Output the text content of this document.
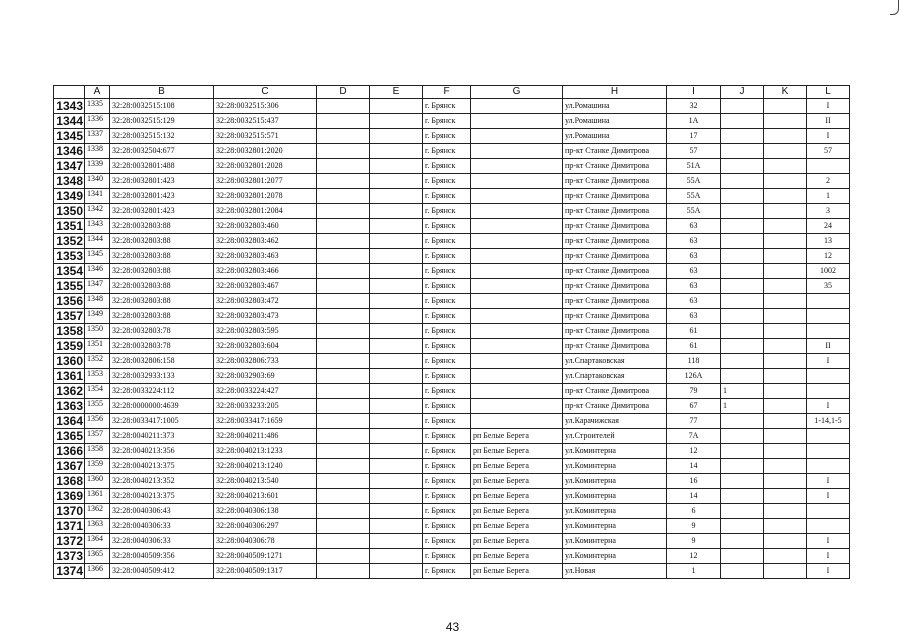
	A	B	C	D	E	F	G	H	I	J	K	L
1343	1335	32:28:0032515:108	32:28:0032515:306			г. Брянск		ул.Ромашина	32			I
1344	1336	32:28:0032515:129	32:28:0032515:437			г. Брянск		ул.Ромашина	1А			II
1345	1337	32:28:0032515:132	32:28:0032515:571			г. Брянск		ул.Ромашина	17			I
1346	1338	32:28:0032504:677	32:28:0032801:2020			г. Брянск		пр-кт Станке Димитрова	57			57
1347	1339	32:28:0032801:488	32:28:0032801:2028			г. Брянск		пр-кт Станке Димитрова	51А			
1348	1340	32:28:0032801:423	32:28:0032801:2077			г. Брянск		пр-кт Станке Димитрова	55А			2
1349	1341	32:28:0032801:423	32:28:0032801:2078			г. Брянск		пр-кт Станке Димитрова	55А			1
1350	1342	32:28:0032801:423	32:28:0032801:2084			г. Брянск		пр-кт Станке Димитрова	55А			3
1351	1343	32:28:0032803:88	32:28:0032803:460			г. Брянск		пр-кт Станке Димитрова	63			24
1352	1344	32:28:0032803:88	32:28:0032803:462			г. Брянск		пр-кт Станке Димитрова	63			13
1353	1345	32:28:0032803:88	32:28:0032803:463			г. Брянск		пр-кт Станке Димитрова	63			12
1354	1346	32:28:0032803:88	32:28:0032803:466			г. Брянск		пр-кт Станке Димитрова	63			1002
1355	1347	32:28:0032803:88	32:28:0032803:467			г. Брянск		пр-кт Станке Димитрова	63			35
1356	1348	32:28:0032803:88	32:28:0032803:472			г. Брянск		пр-кт Станке Димитрова	63			
1357	1349	32:28:0032803:88	32:28:0032803:473			г. Брянск		пр-кт Станке Димитрова	63			
1358	1350	32:28:0032803:78	32:28:0032803:595			г. Брянск		пр-кт Станке Димитрова	61			
1359	1351	32:28:0032803:78	32:28:0032803:604			г. Брянск		пр-кт Станке Димитрова	61			II
1360	1352	32:28:0032806:158	32:28:0032806:733			г. Брянск		ул.Спартаковская	118			I
1361	1353	32:28:0032933:133	32:28:0032903:69			г. Брянск		ул.Спартаковская	126А			
1362	1354	32:28:0033224:112	32:28:0033224:427			г. Брянск		пр-кт Станке Димитрова	79	1		
1363	1355	32:28:0000000:4639	32:28:0033233:205			г. Брянск		пр-кт Станке Димитрова	67	1		I
1364	1356	32:28:0033417:1005	32:28:0033417:1659			г. Брянск		ул.Карачижская	77			1-14,1-5
1365	1357	32:28:0040211:373	32:28:0040211:486			г. Брянск	рп Белые Берега	ул.Строителей	7А			
1366	1358	32:28:0040213:356	32:28:0040213:1233			г. Брянск	рп Белые Берега	ул.Коминтерна	12			
1367	1359	32:28:0040213:375	32:28:0040213:1240			г. Брянск	рп Белые Берега	ул.Коминтерна	14			
1368	1360	32:28:0040213:352	32:28:0040213:540			г. Брянск	рп Белые Берега	ул.Коминтерна	16			I
1369	1361	32:28:0040213:375	32:28:0040213:601			г. Брянск	рп Белые Берега	ул.Коминтерна	14			I
1370	1362	32:28:0040306:43	32:28:0040306:138			г. Брянск	рп Белые Берега	ул.Коминтерна	6			
1371	1363	32:28:0040306:33	32:28:0040306:297			г. Брянск	рп Белые Берега	ул.Коминтерна	9			
1372	1364	32:28:0040306:33	32:28:0040306:78			г. Брянск	рп Белые Берега	ул.Коминтерна	9			I
1373	1365	32:28:0040509:356	32:28:0040509:1271			г. Брянск	рп Белые Берега	ул.Коминтерна	12			I
1374	1366	32:28:0040509:412	32:28:0040509:1317			г. Брянск	рп Белые Берега	ул.Новая	1			I
43
